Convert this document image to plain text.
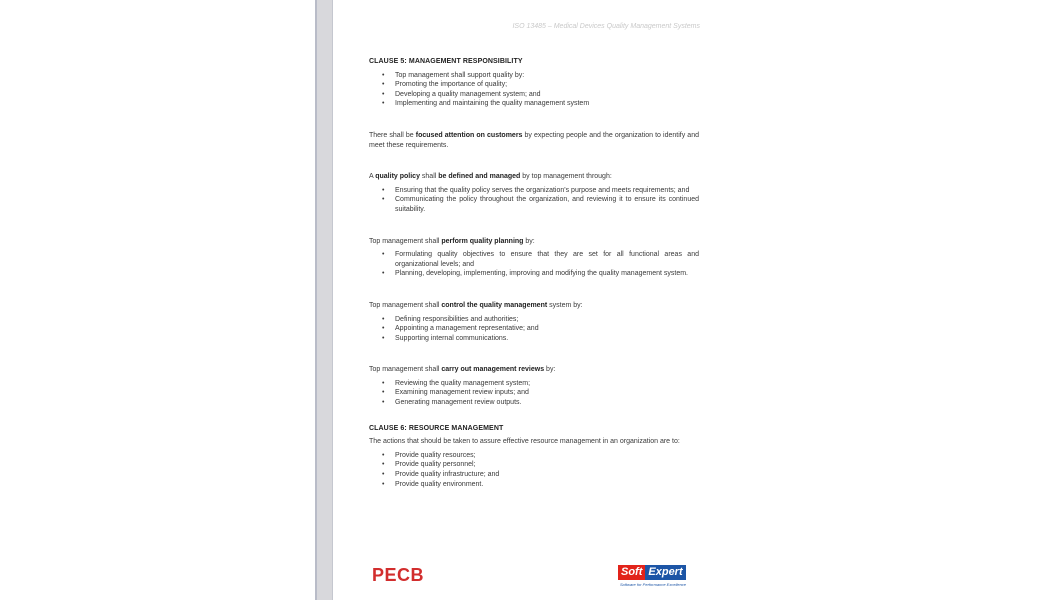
ISO 13485 – Medical Devices Quality Management Systems
CLAUSE 5: MANAGEMENT RESPONSIBILITY
• Top management shall support quality by:
• Promoting the importance of quality;
• Developing a quality management system; and
• Implementing and maintaining the quality management system

There shall be focused attention on customers by expecting people and the organization to identify and meet these requirements.

A quality policy shall be defined and managed by top management through:

• Ensuring that the quality policy serves the organization's purpose and meets requirements; and
• Communicating the policy throughout the organization, and reviewing it to ensure its continued suitability.

Top management shall perform quality planning by:

• Formulating quality objectives to ensure that they are set for all functional areas and organizational levels; and
• Planning, developing, implementing, improving and modifying the quality management system.

Top management shall control the quality management system by:

• Defining responsibilities and authorities;
• Appointing a management representative; and
• Supporting internal communications.

Top management shall carry out management reviews by:

• Reviewing the quality management system;
• Examining management review inputs; and
• Generating management review outputs.
CLAUSE 6: RESOURCE MANAGEMENT

The actions that should be taken to assure effective resource management in an organization are to:

• Provide quality resources;
• Provide quality personnel;
• Provide quality infrastructure; and
• Provide quality environment.
PECB	Soft Expert
Software for Performance Excellence
